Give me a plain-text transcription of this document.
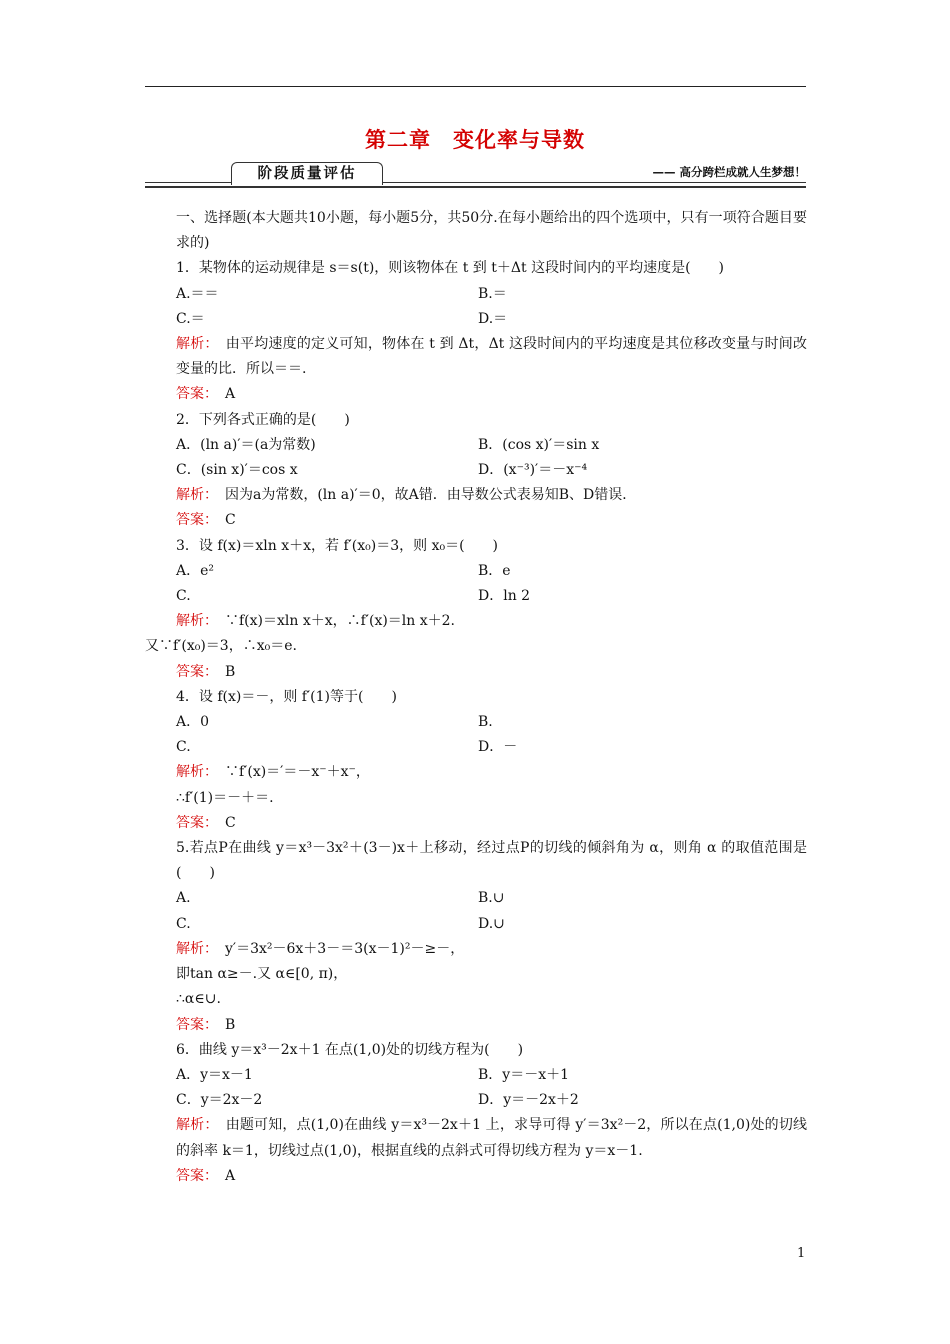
第二章　变化率与导数
阶段质量评估	—— 高分跨栏成就人生梦想！

一、选择题(本大题共10小题，每小题5分，共50分.在每小题给出的四个选项中，只有一项符合题目要求的)

1．某物体的运动规律是 s＝s(t)，则该物体在 t 到 t＋Δt 这段时间内的平均速度是(　　)

A.＝＝	B.＝
C.＝	D.＝

解析：　由平均速度的定义可知，物体在 t 到 Δt，Δt 这段时间内的平均速度是其位移改变量与时间改变量的比．所以＝＝.

答案：　A

2．下列各式正确的是(　　)

A．(ln a)′＝(a为常数)	B．(cos x)′＝sin x
C．(sin x)′＝cos x	D．(x⁻³)′＝－x⁻⁴

解析：　因为a为常数，(ln a)′＝0，故A错．由导数公式表易知B、D错误．

答案：　C

3．设 f(x)＝xln x＋x，若 f′(x₀)＝3，则 x₀＝(　　)

A．e²	B．e
C.	D．ln 2

解析：　∵f(x)＝xln x＋x，∴f′(x)＝ln x＋2.

又∵f′(x₀)＝3，∴x₀＝e.

答案：　B

4．设 f(x)＝－，则 f′(1)等于(　　)

A．0	B.
C.	D．－

解析：　∵f′(x)＝′＝－x⁻＋x⁻，

∴f′(1)＝－＋＝.

答案：　C

5.若点P在曲线 y＝x³－3x²＋(3－)x＋上移动，经过点P的切线的倾斜角为 α，则角 α 的取值范围是(　　)

A.	B.∪
C.	D.∪

解析：　y′＝3x²－6x＋3－＝3(x－1)²－≥－，

即tan α≥－.又 α∈[0, π)，

∴α∈∪.

答案：　B

6．曲线 y＝x³－2x＋1 在点(1,0)处的切线方程为(　　)

A．y＝x－1	B．y＝－x＋1
C．y＝2x－2	D．y＝－2x＋2

解析：　由题可知，点(1,0)在曲线 y＝x³－2x＋1 上，求导可得 y′＝3x²－2，所以在点(1,0)处的切线的斜率 k＝1，切线过点(1,0)，根据直线的点斜式可得切线方程为 y＝x－1.

答案：　A

1
